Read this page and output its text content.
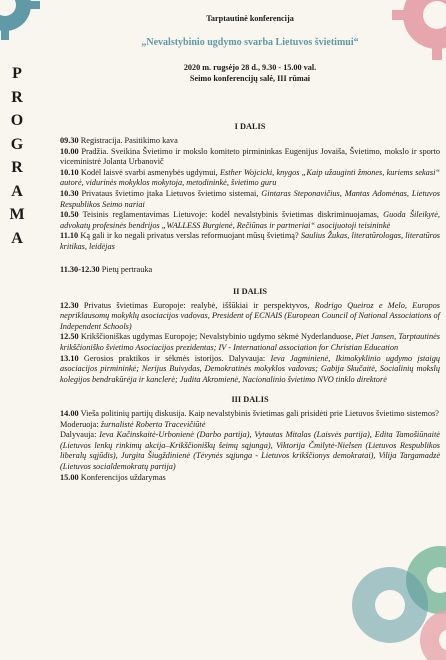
P
R
O
G
R
A
M
A
Tarptautinė konferencija
„Nevalstybinio ugdymo svarba Lietuvos švietimui“
2020 m. rugsėjo 28 d., 9.30 - 15.00 val.
Seimo konferencijų salė, III rūmai
I DALIS
09.30 Registracija. Pasitikimo kava
10.00 Pradžia. Sveikina Švietimo ir mokslo komiteto pirmininkas Eugenijus Jovaiša, Švietimo, mokslo ir sporto viceministrė Jolanta Urbanovič
10.10 Kodėl laisvė svarbi asmenybės ugdymui, Esther Wojcicki, knygos „Kaip užauginti žmones, kuriems sekasi“ autorė, vidurinės mokyklos mokytoja, metodininkė, švietimo guru
10.30 Privataus švietimo įtaka Lietuvos švietimo sistemai, Gintaras Steponavičius, Mantas Adomėnas, Lietuvos Respublikos Seimo nariai
10.50 Teisinis reglamentavimas Lietuvoje: kodėl nevalstybinis švietimas diskriminuojamas, Guoda Šileikytė, advokatų profesinės bendrijos „WALLESS Burgienė, Rečiūnas ir partneriai“ asocijuotoji teisininkė
11.10 Ką gali ir ko negali privatus verslas reformuojant mūsų švietimą? Saulius Žukas, literatūrologas, literatūros kritikas, leidėjas
11.30-12.30 Pietų pertrauka
II DALIS
12.30 Privatus švietimas Europoje: realybė, iššūkiai ir perspektyvos, Rodrigo Queiroz e Melo, Europos nepriklausomų mokyklų asociacijos vadovas, President of ECNAIS (European Council of National Associations of Independent Schools)
12.50 Krikščioniškas ugdymas Europoje; Nevalstybinio ugdymo sėkmė Nyderlanduose, Piet Jansen, Tarptautinės krikščioniško švietimo Asociacijos prezidentas; IV - International association for Christian Education
13.10 Gerosios praktikos ir sėkmės istorijos. Dalyvauja: Ieva Jagminienė, Ikimokyklinio ugdymo įstaigų asociacijos pirmininkė; Nerijus Buivydas, Demokratinės mokyklos vadovas; Gabija Skučaitė, Socialinių mokslų kolegijos bendrakūrėja ir kanclerė; Judita Akromienė, Nacionalinio švietimo NVO tinklo direktorė
III DALIS
14.00 Vieša politinių partijų diskusija. Kaip nevalstybinis švietimas gali prisidėti prie Lietuvos švietimo sistemos?
Moderuoja: žurnalistė Roberta Tracevičiūtė
Dalyvauja: Ieva Kačinskaitė-Urbonienė (Darbo partija), Vytautas Mitalas (Laisvės partija), Edita Tamošiūnaitė (Lietuvos lenkų rinkimų akcija–Krikščioniškų šeimų sąjunga), Viktorija Čmilytė-Nielsen (Lietuvos Respublikos liberalų sąjūdis), Jurgita Šiugždinienė (Tėvynės sąjunga - Lietuvos krikščionys demokratai), Vilija Targamadzė (Lietuvos socialdemokratų partija)
15.00 Konferencijos uždarymas
